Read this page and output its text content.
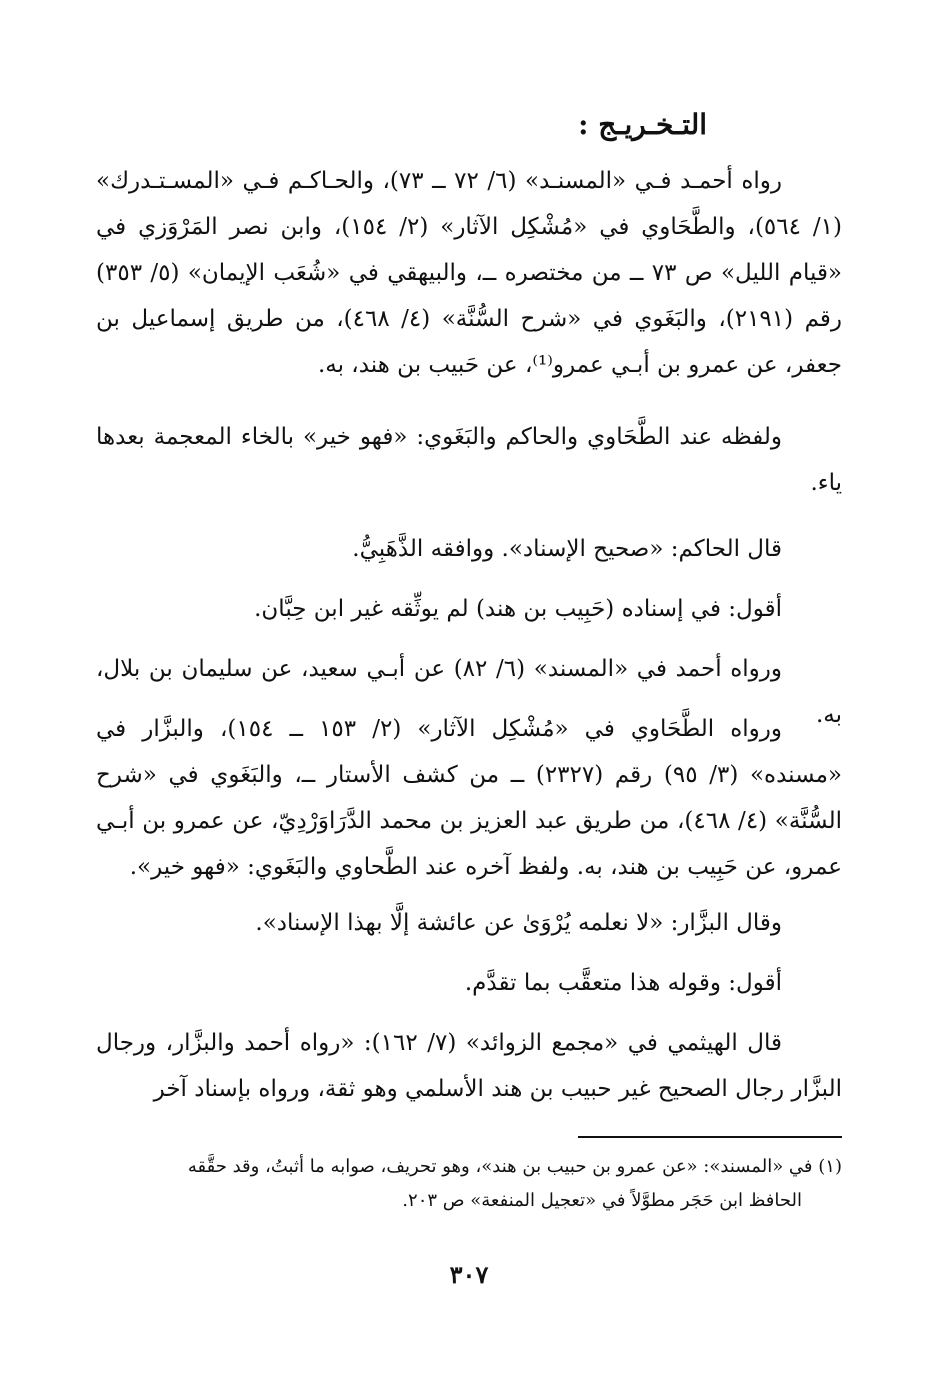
التـخـريـج :
رواه أحمـد فـي «المسنـد» (٦/ ٧٢ ــ ٧٣)، والحـاكـم فـي «المسـتـدرك» (١/ ٥٦٤)، والطَّحَاوي في «مُشْكِل الآثار» (٢/ ١٥٤)، وابن نصر المَرْوَزي في «قيام الليل» ص ٧٣ ــ من مختصره ــ، والبيهقي في «شُعَب الإيمان» (٥/ ٣٥٣) رقم (٢١٩١)، والبَغَوي في «شرح السُّنَّة» (٤/ ٤٦٨)، من طريق إسماعيل بن جعفر، عن عمرو بن أبـي عمرو⁽¹⁾، عن حَبيب بن هند، به.
ولفظه عند الطَّحَاوي والحاكم والبَغَوي: «فهو خير» بالخاء المعجمة بعدها ياء.
قال الحاكم: «صحيح الإسناد». ووافقه الذَّهَبِيُّ.
أقول: في إسناده (حَبِيب بن هند) لم يوثِّقه غير ابن حِبَّان.
ورواه أحمد في «المسند» (٦/ ٨٢) عن أبـي سعيد، عن سليمان بن بلال، به.
ورواه الطَّحَاوي في «مُشْكِل الآثار» (٢/ ١٥٣ ــ ١٥٤)، والبزَّار في «مسنده» (٣/ ٩٥) رقم (٢٣٢٧) ــ من كشف الأستار ــ، والبَغَوي في «شرح السُّنَّة» (٤/ ٤٦٨)، من طريق عبد العزيز بن محمد الدَّرَاوَرْدِيّ، عن عمرو بن أبـي عمرو، عن حَبِيب بن هند، به. ولفظ آخره عند الطَّحاوي والبَغَوي: «فهو خير».
وقال البزَّار: «لا نعلمه يُرْوَىٰ عن عائشة إلَّا بهذا الإسناد».
أقول: وقوله هذا متعقَّب بما تقدَّم.
قال الهيثمي في «مجمع الزوائد» (٧/ ١٦٢): «رواه أحمد والبزَّار، ورجال البزَّار رجال الصحيح غير حبيب بن هند الأسلمي وهو ثقة، ورواه بإسناد آخر
(١) في «المسند»: «عن عمرو بن حبيب بن هند»، وهو تحريف، صوابه ما أثبتُ، وقد حقَّقه
الحافظ ابن حَجَر مطوَّلاً في «تعجيل المنفعة» ص ٢٠٣.
٣٠٧
